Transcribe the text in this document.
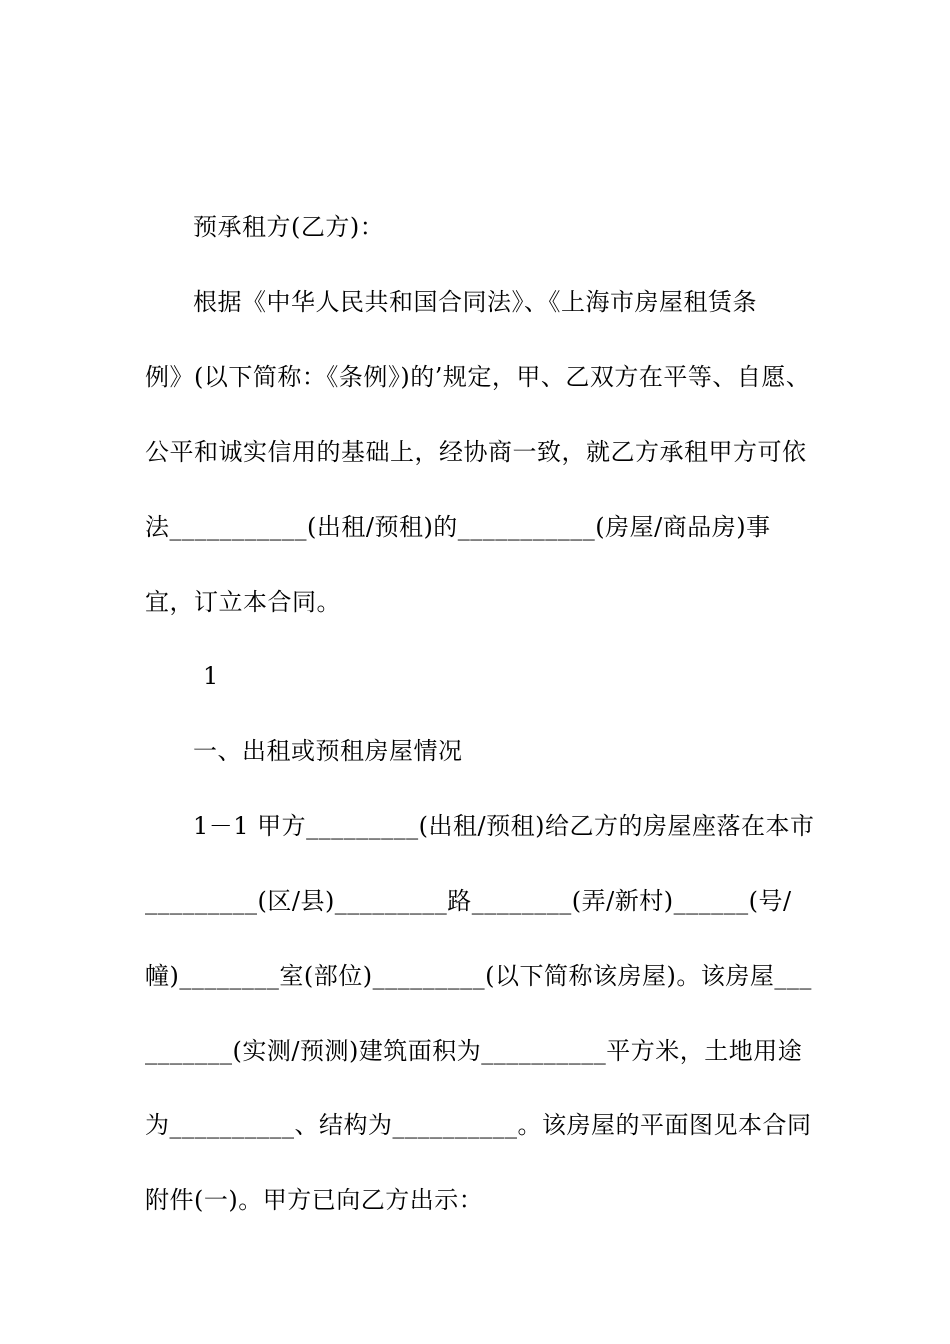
预承租方(乙方)：
根据《中华人民共和国合同法》、《上海市房屋租赁条
例》(以下简称：《条例》)的’规定，甲、乙双方在平等、自愿、
公平和诚实信用的基础上，经协商一致，就乙方承租甲方可依
法___________(出租/预租)的___________(房屋/商品房)事
宜，订立本合同。
1
一、出租或预租房屋情况
1－1 甲方_________(出租/预租)给乙方的房屋座落在本市
_________(区/县)_________路________(弄/新村)______(号/
幢)________室(部位)_________(以下简称该房屋)。该房屋___
_______(实测/预测)建筑面积为__________平方米，土地用途
为__________、结构为__________。该房屋的平面图见本合同
附件(一)。甲方已向乙方出示：
